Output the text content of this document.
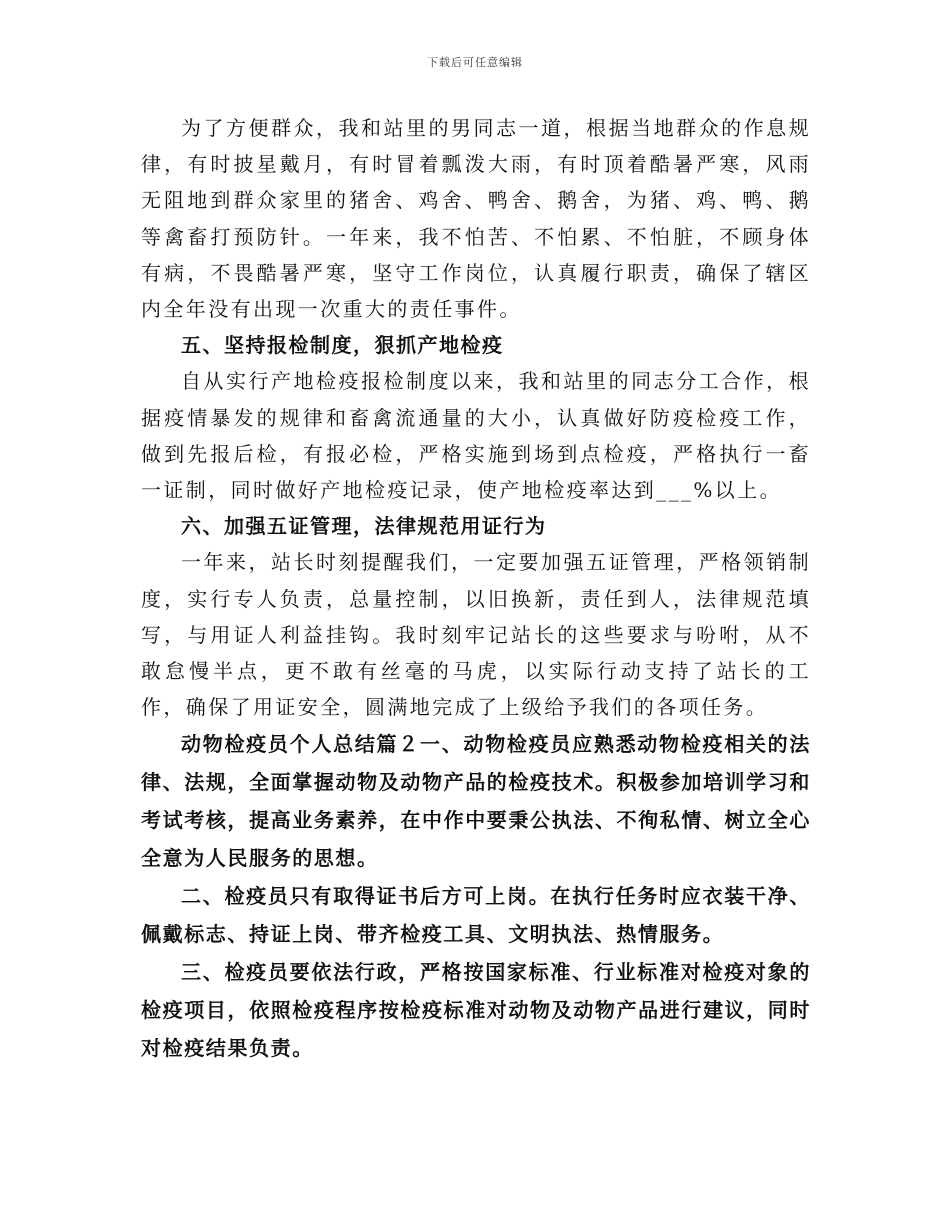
下载后可任意编辑

为了方便群众，我和站里的男同志一道，根据当地群众的作息规律，有时披星戴月，有时冒着瓢泼大雨，有时顶着酷暑严寒，风雨无阻地到群众家里的猪舍、鸡舍、鸭舍、鹅舍，为猪、鸡、鸭、鹅等禽畜打预防针。一年来，我不怕苦、不怕累、不怕脏，不顾身体有病，不畏酷暑严寒，坚守工作岗位，认真履行职责，确保了辖区内全年没有出现一次重大的责任事件。

五、坚持报检制度，狠抓产地检疫

自从实行产地检疫报检制度以来，我和站里的同志分工合作，根据疫情暴发的规律和畜禽流通量的大小，认真做好防疫检疫工作，做到先报后检，有报必检，严格实施到场到点检疫，严格执行一畜一证制，同时做好产地检疫记录，使产地检疫率达到___%以上。

六、加强五证管理，法律规范用证行为

一年来，站长时刻提醒我们，一定要加强五证管理，严格领销制度，实行专人负责，总量控制，以旧换新，责任到人，法律规范填写，与用证人利益挂钩。我时刻牢记站长的这些要求与吩咐，从不敢怠慢半点，更不敢有丝毫的马虎，以实际行动支持了站长的工作，确保了用证安全，圆满地完成了上级给予我们的各项任务。

动物检疫员个人总结篇２一、动物检疫员应熟悉动物检疫相关的法律、法规，全面掌握动物及动物产品的检疫技术。积极参加培训学习和考试考核，提高业务素养，在中作中要秉公执法、不徇私情、树立全心全意为人民服务的思想。

二、检疫员只有取得证书后方可上岗。在执行任务时应衣装干净、佩戴标志、持证上岗、带齐检疫工具、文明执法、热情服务。

三、检疫员要依法行政，严格按国家标准、行业标准对检疫对象的检疫项目，依照检疫程序按检疫标准对动物及动物产品进行建议，同时对检疫结果负责。
